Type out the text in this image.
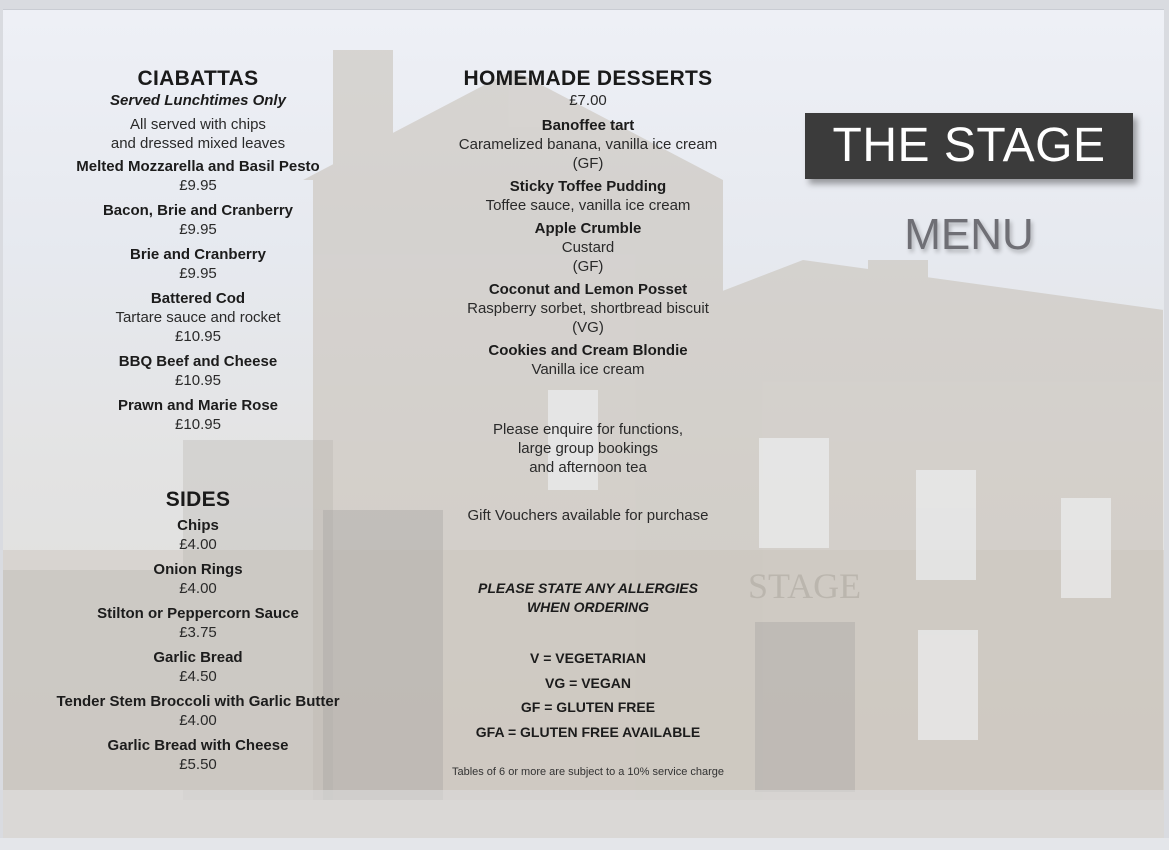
STAGE
CIABATTAS
Served Lunchtimes Only
All served with chips
and dressed mixed leaves
Melted Mozzarella and Basil Pesto
£9.95
Bacon, Brie and Cranberry
£9.95
Brie and Cranberry
£9.95
Battered Cod
Tartare sauce and rocket
£10.95
BBQ Beef and Cheese
£10.95
Prawn and Marie Rose
£10.95
SIDES
Chips
£4.00
Onion Rings
£4.00
Stilton or Peppercorn Sauce
£3.75
Garlic Bread
£4.50
Tender Stem Broccoli with Garlic Butter
£4.00
Garlic Bread with Cheese
£5.50
HOMEMADE DESSERTS
£7.00
Banoffee tart
Caramelized banana, vanilla ice cream
(GF)
Sticky Toffee Pudding
Toffee sauce, vanilla ice cream
Apple Crumble
Custard
(GF)
Coconut and Lemon Posset
Raspberry sorbet, shortbread biscuit
(VG)
Cookies and Cream Blondie
Vanilla ice cream
Please enquire for functions,
large group bookings
and afternoon tea
Gift Vouchers available for purchase
PLEASE STATE ANY ALLERGIES
WHEN ORDERING
V = VEGETARIAN
VG = VEGAN
GF = GLUTEN FREE
GFA = GLUTEN FREE AVAILABLE
Tables of 6 or more are subject to a 10% service charge
THE STAGE
MENU
